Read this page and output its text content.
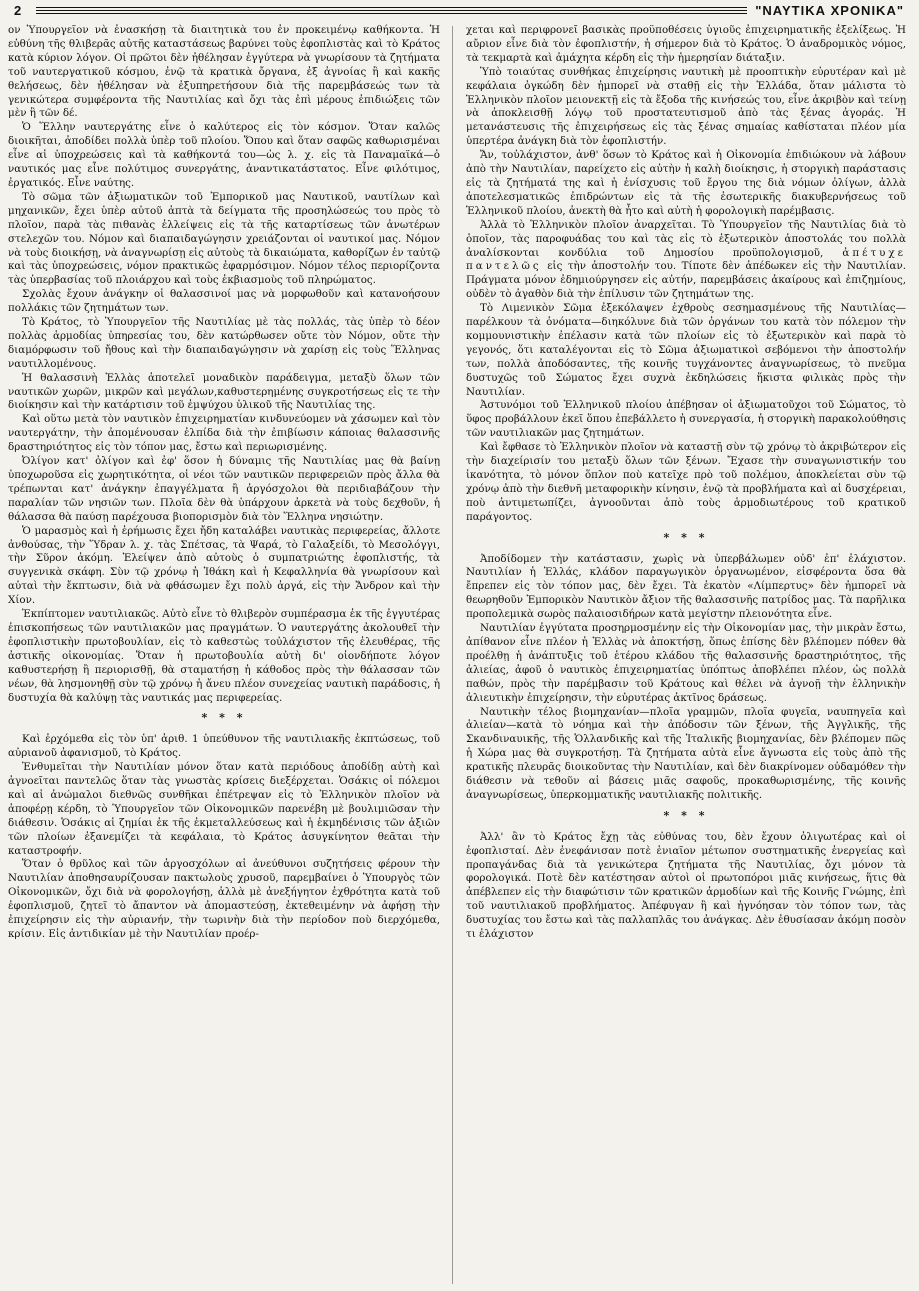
2	"ΝΑΥΤΙΚΑ ΧΡΟΝΙΚΑ"

ον Ὑπουργεῖον νὰ ἐνασκήσῃ τὰ διαιτητικὰ του ἐν προκειμένῳ καθήκοντα. Ἡ εὐθύνη τῆς θλιβερᾶς αὐτῆς καταστάσεως βαρύνει τοὺς ἐφοπλιστὰς καὶ τὸ Κράτος κατὰ κύριον λόγον. Οἱ πρῶτοι δὲν ἠθέλησαν ἐγγύτερα νὰ γνωρίσουν τὰ ζητήματα τοῦ ναυτεργατικοῦ κόσμου, ἐνῷ τὰ κρατικὰ ὄργανα, ἐξ ἀγνοίας ἢ καὶ κακῆς θελήσεως, δὲν ἠθέλησαν νὰ ἐξυπηρετήσουν διὰ τῆς παρεμβάσεώς των τὰ γενικώτερα συμφέροντα τῆς Ναυτιλίας καὶ ὄχι τὰς ἐπὶ μέρους ἐπιδιώξεις τῶν μὲν ἢ τῶν δέ.

Ὁ Ἕλλην ναυτεργάτης εἶνε ὁ καλύτερος εἰς τὸν κόσμον. Ὅταν καλῶς διοικῆται, ἀποδίδει πολλὰ ὑπὲρ τοῦ πλοίου. Ὅπου καὶ ὅταν σαφῶς καθωρισμέναι εἶνε αἱ ὑποχρεώσεις καὶ τὰ καθήκοντά του—ὡς λ. χ. εἰς τὰ Παναμαϊκά—ὁ ναυτικός μας εἶνε πολύτιμος συνεργάτης, ἀναντικατάστατος. Εἶνε φιλότιμος, ἐργατικός. Εἶνε ναύτης.

Τὸ σῶμα τῶν ἀξιωματικῶν τοῦ Ἐμπορικοῦ μας Ναυτικοῦ, ναυτίλων καὶ μηχανικῶν, ἔχει ὑπὲρ αὐτοῦ ἀπτὰ τὰ δείγματα τῆς προσηλώσεώς του πρὸς τὸ πλοῖον, παρὰ τὰς πιθανὰς ἐλλείψεις εἰς τὰ τῆς καταρτίσεως τῶν ἀνωτέρων στελεχῶν του. Νόμον καὶ διαπαιδαγώγησιν χρειάζονται οἱ ναυτικοί μας. Νόμον νὰ τοὺς διοικήσῃ, νὰ ἀναγνωρίσῃ εἰς αὐτοὺς τὰ δικαιώματα, καθορίζων ἐν ταὐτῷ καὶ τὰς ὑποχρεώσεις, νόμον πρακτικῶς ἐφαρμόσιμον. Νόμον τέλος περιορίζοντα τὰς ὑπερβασίας τοῦ πλοιάρχου καὶ τοὺς ἐκβιασμοὺς τοῦ πληρώματος.

Σχολὰς ἔχουν ἀνάγκην οἱ θαλασσινοί μας νὰ μορφωθοῦν καὶ κατανοήσουν πολλάκις τῶν ζητημάτων των.

Τὸ Κράτος, τὸ Ὑπουργεῖον τῆς Ναυτιλίας μὲ τὰς πολλάς, τὰς ὑπὲρ τὸ δέον πολλὰς ἁρμοδίας ὑπηρεσίας του, δὲν κατώρθωσεν οὔτε τὸν Νόμον, οὔτε τὴν διαμόρφωσιν τοῦ ἤθους καὶ τὴν διαπαιδαγώγησιν νὰ χαρίσῃ εἰς τοὺς Ἕλληνας ναυτιλλομένους.

Ἡ θαλασσινὴ Ἑλλὰς ἀποτελεῖ μοναδικὸν παράδειγμα, μεταξὺ ὅλων τῶν ναυτικῶν χωρῶν, μικρῶν καὶ μεγάλων,καθυστερημένης συγκροτήσεως εἰς τε τὴν διοίκησιν καὶ τὴν κατάρτισιν τοῦ ἐμψύχου ὑλικοῦ τῆς Ναυτιλίας της.

Καὶ οὕτω μετὰ τὸν ναυτικὸν ἐπιχειρηματίαν κινδυνεύομεν νὰ χάσωμεν καὶ τὸν ναυτεργάτην, τὴν ἀπομένουσαν ἐλπίδα διὰ τὴν ἐπιβίωσιν κάποιας θαλασσινῆς δραστηριότητος εἰς τὸν τόπον μας, ἔστω καὶ περιωρισμένης.

Ὀλίγον κατ' ὀλίγον καὶ ἐφ' ὅσον ἡ δύναμις τῆς Ναυτιλίας μας θὰ βαίνῃ ὑποχωροῦσα εἰς χωρητικότητα, οἱ νέοι τῶν ναυτικῶν περιφερειῶν πρὸς ἄλλα θὰ τρέπωνται κατ' ἀνάγκην ἐπαγγέλματα ἢ ἀργόσχολοι θὰ περιδιαβάζουν τὴν παραλίαν τῶν νησιῶν των. Πλοῖα δὲν θὰ ὑπάρχουν ἀρκετὰ νὰ τοὺς δεχθοῦν, ἡ θάλασσα θὰ παύσῃ παρέχουσα βιοπορισμὸν διὰ τὸν Ἕλληνα νησιώτην.

Ὁ μαρασμὸς καὶ ἡ ἐρήμωσις ἔχει ἤδη καταλάβει ναυτικὰς περιφερείας, ἄλλοτε ἀνθούσας, τὴν Ὕδραν λ. χ. τὰς Σπέτσας, τὰ Ψαρά, τὸ Γαλαξείδι, τὸ Μεσολόγγι, τὴν Σῦρον ἀκόμη. Ἐλείψεν ἀπὸ αὐτοὺς ὁ συμπατριώτης ἐφοπλιστής, τὰ συγγενικὰ σκάφη. Σὺν τῷ χρόνῳ ἡ Ἰθάκη καὶ ἡ Κεφαλληνία θὰ γνωρίσουν καὶ αὐταὶ τὴν ἔκπτωσιν, διὰ νὰ φθάσωμεν ἔχι πολὺ ἀργά, εἰς τὴν Ἄνδρον καὶ τὴν Χίον.

Ἐκπίπτομεν ναυτιλιακῶς. Αὐτὸ εἶνε τὸ θλιβερὸν συμπέρασμα ἐκ τῆς ἐγγυτέρας ἐπισκοπήσεως τῶν ναυτιλιακῶν μας πραγμάτων. Ὁ ναυτεργάτης ἀκολουθεῖ τὴν ἐφοπλιστικὴν πρωτοβουλίαν, εἰς τὸ καθεστὼς τοὐλάχιστον τῆς ἐλευθέρας, τῆς ἀστικῆς οἰκονομίας. Ὅταν ἡ πρωτοβουλία αὐτὴ δι' οἱονδήποτε λόγον καθυστερήσῃ ἢ περιορισθῇ, θὰ σταματήσῃ ἡ κάθοδος πρὸς τὴν θάλασσαν τῶν νέων, θὰ λησμονηθῇ σὺν τῷ χρόνῳ ἡ ἄνευ πλέον συνεχείας ναυτικὴ παράδοσις, ἡ δυστυχία θὰ καλύψῃ τὰς ναυτικάς μας περιφερείας.

* * *

Καὶ ἐρχόμεθα εἰς τὸν ὑπ' ἀριθ. 1 ὑπεύθυνον τῆς ναυτιλιακῆς ἐκπτώσεως, τοῦ αὐριανοῦ ἀφανισμοῦ, τὸ Κράτος.

Ἐνθυμεῖται τὴν Ναυτιλίαν μόνον ὅταν κατὰ περιόδους ἀποδίδῃ αὐτὴ καὶ ἀγνοεῖται παντελῶς ὅταν τὰς γνωστὰς κρίσεις διεξέρχεται. Ὁσάκις οἱ πόλεμοι καὶ αἱ ἀνώμαλοι διεθνῶς συνθῆκαι ἐπέτρεψαν εἰς τὸ Ἑλληνικὸν πλοῖον νὰ ἀποφέρῃ κέρδη, τὸ Ὑπουργεῖον τῶν Οἰκονομικῶν παρενέβη μὲ βουλιμιῶσαν τὴν διάθεσιν. Ὁσάκις αἱ ζημίαι ἐκ τῆς ἐκμεταλλεύσεως καὶ ἡ ἐκμηδένισις τῶν ἀξιῶν τῶν πλοίων ἐξανεμίζει τὰ κεφάλαια, τὸ Κράτος ἀσυγκίνητον θεᾶται τὴν καταστροφήν.

Ὅταν ὁ θρῦλος καὶ τῶν ἀργοσχόλων αἱ ἀνεύθυνοι συζητήσεις φέρουν τὴν Ναυτιλίαν ἀποθησαυρίζουσαν πακτωλοὺς χρυσοῦ, παρεμβαίνει ὁ Ὑπουργὸς τῶν Οἰκονομικῶν, ὄχι διὰ νὰ φορολογήσῃ, ἀλλὰ μὲ ἀνεξήγητον ἐχθρότητα κατὰ τοῦ ἐφοπλισμοῦ, ζητεῖ τὸ ἄπαντον νὰ ἀπομαστεύσῃ, ἐκτεθειμένην νὰ ἀφήσῃ τὴν ἐπιχείρησιν εἰς τὴν αὐριανήν, τὴν τωρινὴν διὰ τὴν περίοδον ποὺ διερχόμεθα, κρίσιν. Εἰς ἀντιδικίαν μὲ τὴν Ναυτιλίαν προέρ-

χεται καὶ περιφρονεῖ βασικὰς προϋποθέσεις ὑγιοῦς ἐπιχειρηματικῆς ἐξελίξεως. Ἡ αὔριον εἶνε διὰ τὸν ἐφοπλιστήν, ἡ σήμερον διὰ τὸ Κράτος. Ὁ ἀναδρομικὸς νόμος, τὰ τεκμαρτὰ καὶ ἀμάχητα κέρδη εἰς τὴν ἡμερησίαν διάταξιν.

Ὑπὸ τοιαύτας συνθήκας ἐπιχείρησις ναυτικὴ μὲ προοπτικὴν εὐρυτέραν καὶ μὲ κεφάλαια ὀγκώδη δὲν ἠμπορεῖ νὰ σταθῇ εἰς τὴν Ἑλλάδα, ὅταν μάλιστα τὸ Ἑλληνικὸν πλοῖον μειονεκτῇ εἰς τὰ ἔξοδα τῆς κινήσεώς του, εἶνε ἀκριβὸν καὶ τείνῃ νὰ ἀποκλεισθῇ λόγῳ τοῦ προστατευτισμοῦ ἀπὸ τὰς ξένας ἀγοράς. Ἡ μετανάστευσις τῆς ἐπιχειρήσεως εἰς τὰς ξένας σημαίας καθίσταται πλέον μία ὑπερτέρα ἀνάγκη διὰ τὸν ἐφοπλιστήν.

Ἄν, τοὐλάχιστον, ἀνθ' ὅσων τὸ Κράτος καὶ ἡ Οἰκονομία ἐπιδιώκουν νὰ λάβουν ἀπὸ τὴν Ναυτιλίαν, παρείχετο εἰς αὐτὴν ἡ καλὴ διοίκησις, ἡ στοργικὴ παράστασις εἰς τὰ ζητήματά της καὶ ἡ ἐνίσχυσις τοῦ ἔργου της διὰ νόμων ὀλίγων, ἀλλὰ ἀποτελεσματικῶς ἐπιδρώντων εἰς τὰ τῆς ἐσωτερικῆς διακυβερνήσεως τοῦ Ἑλληνικοῦ πλοίου, ἀνεκτὴ θὰ ἦτο καὶ αὐτὴ ἡ φορολογικὴ παρέμβασις.

Ἀλλὰ τὸ Ἑλληνικὸν πλοῖον ἀναρχεῖται. Τὸ Ὑπουργεῖον τῆς Ναυτιλίας διὰ τὸ ὁποῖον, τὰς παροφυάδας του καὶ τὰς εἰς τὸ ἐξωτερικὸν ἀποστολάς του πολλὰ ἀναλίσκονται κονδύλια τοῦ Δημοσίου προϋπολογισμοῦ, ἀπέτυχε παντελῶς εἰς τὴν ἀποστολήν του. Τίποτε δὲν ἀπέδωκεν εἰς τὴν Ναυτιλίαν. Πράγματα μόνον ἐδημιούργησεν εἰς αὐτήν, παρεμβάσεις ἀκαίρους καὶ ἐπιζημίους, οὐδὲν τὸ ἀγαθὸν διὰ τὴν ἐπίλυσιν τῶν ζητημάτων της.

Τὸ Λιμενικὸν Σῶμα ἐξεκόλαψεν ἐχθροὺς σεσημασμένους τῆς Ναυτιλίας—παρέλκουν τὰ ὀνόματα—διηκόλυνε διὰ τῶν ὀργάνων του κατὰ τὸν πόλεμον τὴν κομμουνιστικὴν ἐπέλασιν κατὰ τῶν πλοίων εἰς τὸ ἐξωτερικὸν καὶ παρὰ τὸ γεγονός, ὅτι καταλέγονται εἰς τὸ Σῶμα ἀξιωματικοὶ σεβόμενοι τὴν ἀποστολήν των, πολλὰ ἀποδόσαντες, τῆς κοινῆς τυγχάνοντες ἀναγνωρίσεως, τὸ πνεῦμα δυστυχῶς τοῦ Σώματος ἔχει συχνὰ ἐκδηλώσεις ἥκιστα φιλικὰς πρὸς τὴν Ναυτιλίαν.

Ἀστυνόμοι τοῦ Ἑλληνικοῦ πλοίου ἀπέβησαν οἱ ἀξιωματοῦχοι τοῦ Σώματος, τὸ ὕφος προβάλλουν ἐκεῖ ὅπου ἐπεβάλλετο ἡ συνεργασία, ἡ στοργικὴ παρακολούθησις τῶν ναυτιλιακῶν μας ζητημάτων.

Καὶ ἔφθασε τὸ Ἑλληνικὸν πλοῖον νὰ καταστῇ σὺν τῷ χρόνῳ τὸ ἀκριβώτερον εἰς τὴν διαχείρισίν του μεταξὺ ὅλων τῶν ξένων. Ἔχασε τὴν συναγωνιστικήν του ἱκανότητα, τὸ μόνον ὅπλον ποὺ κατεῖχε πρὸ τοῦ πολέμου, ἀποκλείεται σὺν τῷ χρόνῳ ἀπὸ τὴν διεθνῆ μεταφορικὴν κίνησιν, ἐνῷ τὰ προβλήματα καὶ αἱ δυσχέρειαι, ποὺ ἀντιμετωπίζει, ἀγνοοῦνται ἀπὸ τοὺς ἁρμοδιωτέρους τοῦ κρατικοῦ παράγοντος.

* * *

Ἀποδίδομεν τὴν κατάστασιν, χωρὶς νὰ ὑπερβάλωμεν οὐδ' ἐπ' ἐλάχιστον. Ναυτιλίαν ἡ Ἑλλάς, κλάδον παραγωγικὸν ὀργανωμένον, εἰσφέροντα ὅσα θὰ ἔπρεπεν εἰς τὸν τόπον μας, δὲν ἔχει. Τὰ ἑκατὸν «Λίμπερτυς» δὲν ἠμπορεῖ νὰ θεωρηθοῦν Ἐμπορικὸν Ναυτικὸν ἄξιον τῆς θαλασσινῆς πατρίδος μας. Τὰ παρῆλικα προπολεμικὰ σωρὸς παλαιοσιδήρων κατὰ μεγίστην πλειονότητα εἶνε.

Ναυτιλίαν ἐγγύτατα προσηρμοσμένην εἰς τὴν Οἰκονομίαν μας, τὴν μικρὰν ἔστω, ἀπίθανον εἶνε πλέον ἡ Ἑλλὰς νὰ ἀποκτήσῃ, ὅπως ἐπίσης δὲν βλέπομεν πόθεν θὰ προέλθῃ ἡ ἀνάπτυξις τοῦ ἑτέρου κλάδου τῆς θαλασσινῆς δραστηριότητος, τῆς ἁλιείας, ἀφοῦ ὁ ναυτικὸς ἐπιχειρηματίας ὑπόπτως ἀποβλέπει πλέον, ὡς πολλὰ παθών, πρὸς τὴν παρέμβασιν τοῦ Κράτους καὶ θέλει νὰ ἀγνοῇ τὴν ἑλληνικὴν ἁλιευτικὴν ἐπιχείρησιν, τὴν εὐρυτέρας ἀκτῖνος δράσεως.

Ναυτικὴν τέλος βιομηχανίαν—πλοῖα γραμμῶν, πλοῖα φυγεῖα, ναυπηγεῖα καὶ ἁλιείαν—κατὰ τὸ νόημα καὶ τὴν ἀπόδοσιν τῶν ξένων, τῆς Ἀγγλικῆς, τῆς Σκανδιναυικῆς, τῆς Ὁλλανδικῆς καὶ τῆς Ἰταλικῆς βιομηχανίας, δὲν βλέπομεν πῶς ἡ Χώρα μας θὰ συγκροτήσῃ. Τὰ ζητήματα αὐτὰ εἶνε ἄγνωστα εἰς τοὺς ἀπὸ τῆς κρατικῆς πλευρᾶς διοικοῦντας τὴν Ναυτιλίαν, καὶ δὲν διακρίνομεν οὐδαμόθεν τὴν διάθεσιν νὰ τεθοῦν αἱ βάσεις μιᾶς σαφοῦς, προκαθωρισμένης, τῆς κοινῆς ἀναγνωρίσεως, ὑπερκομματικῆς ναυτιλιακῆς πολιτικῆς.

* * *

Ἀλλ' ἂν τὸ Κράτος ἔχῃ τὰς εὐθύνας του, δὲν ἔχουν ὀλιγωτέρας καὶ οἱ ἐφοπλισταί. Δὲν ἐνεφάνισαν ποτὲ ἑνιαῖον μέτωπον συστηματικῆς ἐνεργείας καὶ προπαγάνδας διὰ τὰ γενικώτερα ζητήματα τῆς Ναυτιλίας, ὄχι μόνον τὰ φορολογικά. Ποτὲ δὲν κατέστησαν αὐτοὶ οἱ πρωτοπόροι μιᾶς κινήσεως, ἥτις θὰ ἀπέβλεπεν εἰς τὴν διαφώτισιν τῶν κρατικῶν ἁρμοδίων καὶ τῆς Κοινῆς Γνώμης, ἐπὶ τοῦ ναυτιλιακοῦ προβλήματος. Ἀπέφυγαν ἢ καὶ ἠγνόησαν τὸν τόπον των, τὰς δυστυχίας του ἔστω καὶ τὰς παλλαπλᾶς του ἀνάγκας. Δὲν ἐθυσίασαν ἀκόμη ποσὸν τι ἐλάχιστον
